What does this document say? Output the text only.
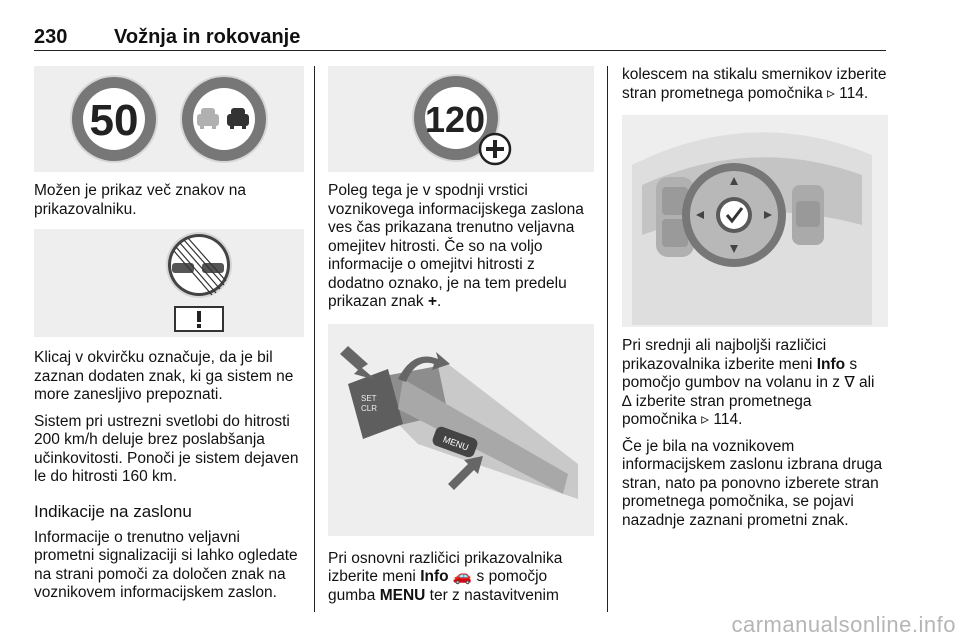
230 Vožnja in rokovanje
50

Možen je prikaz več znakov na prikazovalniku.

Klicaj v okvirčku označuje, da je bil zaznan dodaten znak, ki ga sistem ne more zanesljivo prepoznati.

Sistem pri ustrezni svetlobi do hitrosti 200 km/h deluje brez poslabšanja učinkovitosti. Ponoči je sistem dejaven le do hitrosti 160 km.

Indikacije na zaslonu

Informacije o trenutno veljavni prometni signalizaciji si lahko ogledate na strani pomoči za določen znak na voznikovem informacijskem zaslon.

120

Poleg tega je v spodnji vrstici voznikovega informacijskega zaslona ves čas prikazana trenutno veljavna omejitev hitrosti. Če so na voljo informacije o omejitvi hitrosti z dodatno oznako, je na tem predelu prikazan znak +.

SET
CLR
MENU

Pri osnovni različici prikazovalnika izberite meni Info 🚗 s pomočjo gumba MENU ter z nastavitvenim

kolescem na stikalu smernikov izberite stran prometnega pomočnika ▹ 114.

Pri srednji ali najboljši različici prikazovalnika izberite meni Info s pomočjo gumbov na volanu in z ∇ ali ∆ izberite stran prometnega pomočnika ▹ 114.

Če je bila na voznikovem informacijskem zaslonu izbrana druga stran, nato pa ponovno izberete stran prometnega pomočnika, se pojavi nazadnje zaznani prometni znak.

carmanualsonline.info
